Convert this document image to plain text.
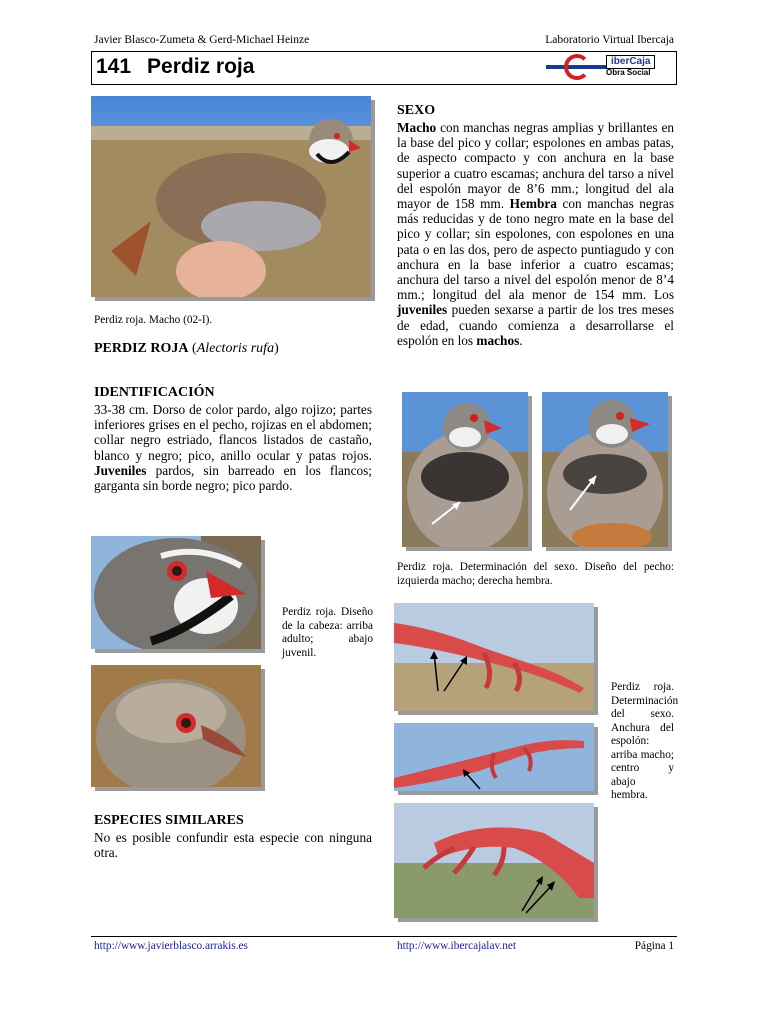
Javier Blasco-Zumeta & Gerd-Michael Heinze	Laboratorio Virtual Ibercaja
141 Perdiz roja	iberCaja
Obra Social
Perdiz roja. Macho (02-I).
PERDIZ ROJA (Alectoris rufa)
IDENTIFICACIÓN
33-38 cm. Dorso de color pardo, algo rojizo; partes inferiores grises en el pecho, rojizas en el abdomen; collar negro estriado, flancos listados de castaño, blanco y negro; pico, anillo ocular y patas rojos. Juveniles pardos, sin barreado en los flancos; garganta sin borde negro; pico pardo.
SEXO
Macho con manchas negras amplias y brillantes en la base del pico y collar; espolones en ambas patas, de aspecto compacto y con anchura en la base superior a cuatro escamas; anchura del tarso a nivel del espolón mayor de 8’6 mm.; longitud del ala mayor de 158 mm. Hembra con manchas negras más reducidas y de tono negro mate en la base del pico y collar; sin espolones, con espolones en una pata o en las dos, pero de aspecto puntiagudo y con anchura en la base inferior a cuatro escamas; anchura del tarso a nivel del espolón menor de 8’4 mm.; longitud del ala menor de 154 mm. Los juveniles pueden sexarse a partir de los tres meses de edad, cuando comienza a desarrollarse el espolón en los machos.
Perdiz roja. Determinación del sexo. Diseño del pecho: izquierda macho; derecha hembra.
Perdiz roja. Diseño de la cabeza: arriba adulto; abajo juvenil.
Perdiz roja. Determinación del sexo. Anchura del espolón: arriba macho; centro y abajo hembra.
ESPECIES SIMILARES
No es posible confundir esta especie con ninguna otra.
http://www.javierblasco.arrakis.es	http://www.ibercajalav.net	Página 1
